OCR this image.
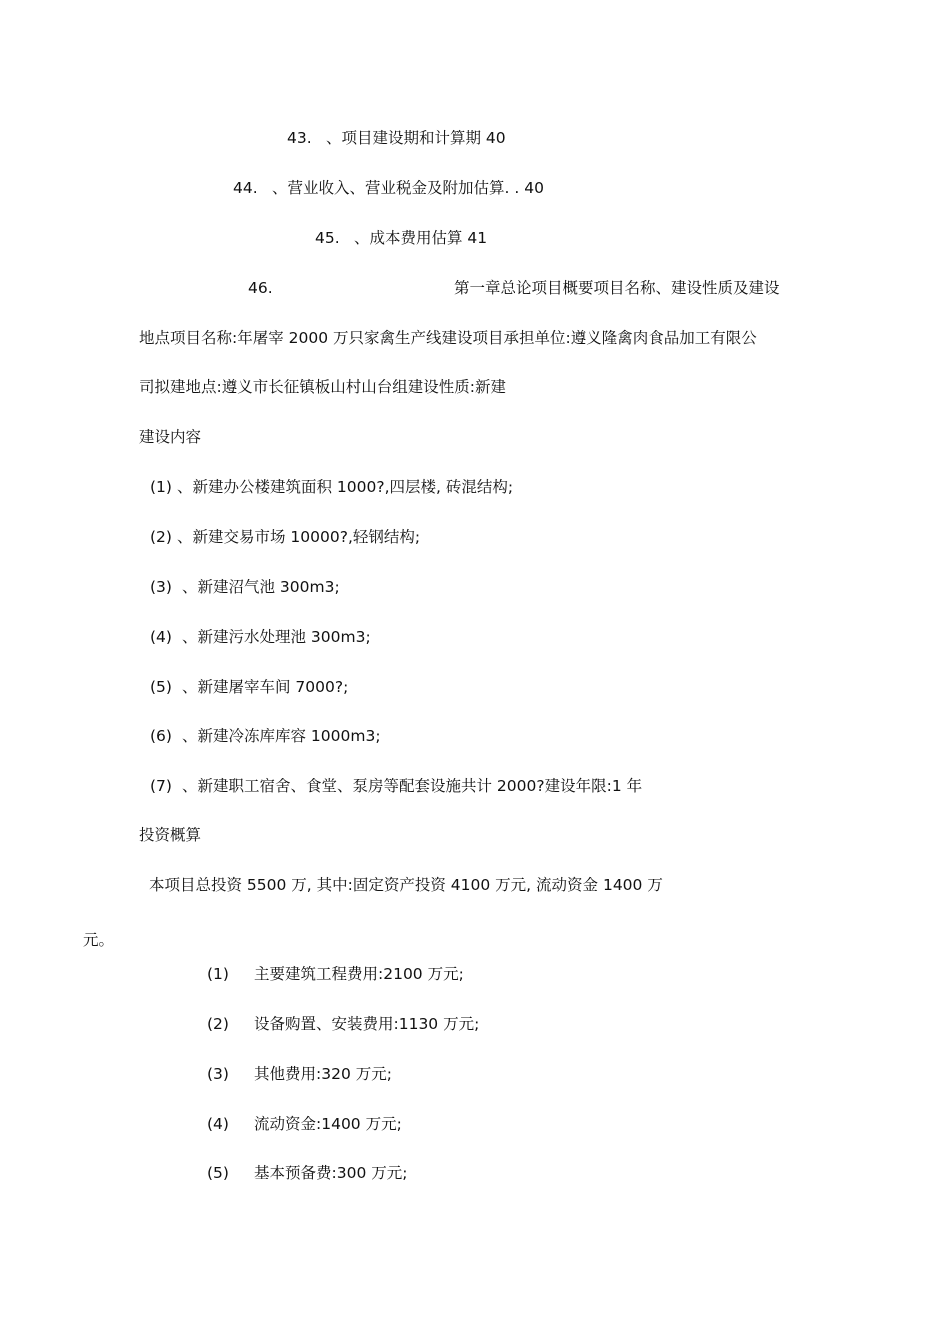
43. 、项目建设期和计算期 40
44. 、营业收入、营业税金及附加估算. . 40
45. 、成本费用估算 41
46.	第一章总论项目概要项目名称、建设性质及建设
地点项目名称:年屠宰 2000 万只家禽生产线建设项目承担单位:遵义隆禽肉食品加工有限公
司拟建地点:遵义市长征镇板山村山台组建设性质:新建
建设内容
(1) 、新建办公楼建筑面积 1000?,四层楼, 砖混结构;
(2) 、新建交易市场 10000?,轻钢结构;
(3) 、新建沼气池 300m3;
(4) 、新建污水处理池 300m3;
(5) 、新建屠宰车间 7000?;
(6) 、新建冷冻库库容 1000m3;
(7) 、新建职工宿舍、食堂、泵房等配套设施共计 2000?建设年限:1 年
投资概算
本项目总投资 5500 万, 其中:固定资产投资 4100 万元, 流动资金 1400 万
元。
(1) 主要建筑工程费用:2100 万元;
(2) 设备购置、安装费用:1130 万元;
(3) 其他费用:320 万元;
(4) 流动资金:1400 万元;
(5) 基本预备费:300 万元;
